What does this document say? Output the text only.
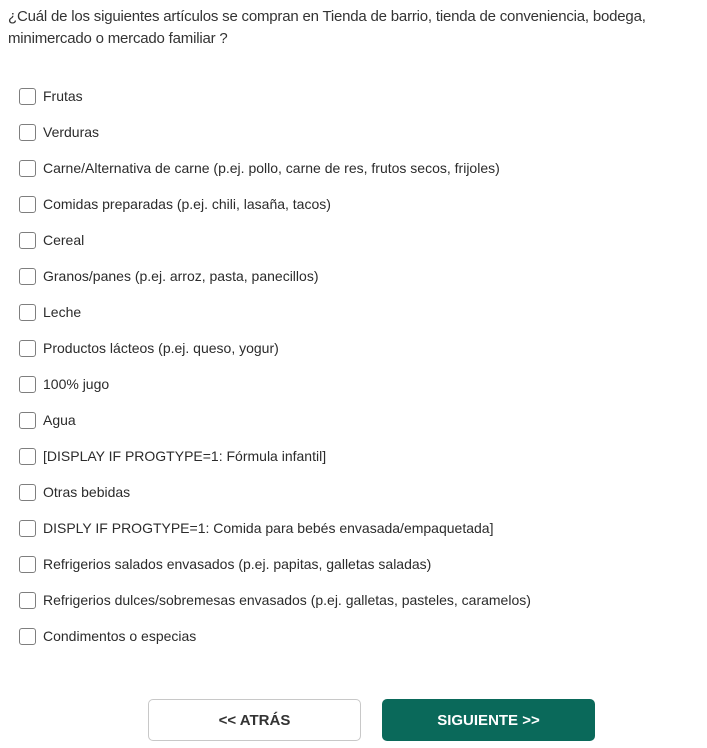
¿Cuál de los siguientes artículos se compran en Tienda de barrio, tienda de conveniencia, bodega, minimercado o mercado familiar ?
Frutas
Verduras
Carne/Alternativa de carne (p.ej. pollo, carne de res, frutos secos, frijoles)
Comidas preparadas (p.ej. chili, lasaña, tacos)
Cereal
Granos/panes (p.ej. arroz, pasta, panecillos)
Leche
Productos lácteos (p.ej. queso, yogur)
100% jugo
Agua
[DISPLAY IF PROGTYPE=1: Fórmula infantil]
Otras bebidas
DISPLY IF PROGTYPE=1: Comida para bebés envasada/empaquetada]
Refrigerios salados envasados (p.ej. papitas, galletas saladas)
Refrigerios dulces/sobremesas envasados (p.ej. galletas, pasteles, caramelos)
Condimentos o especias
<< ATRÁS	SIGUIENTE >>
